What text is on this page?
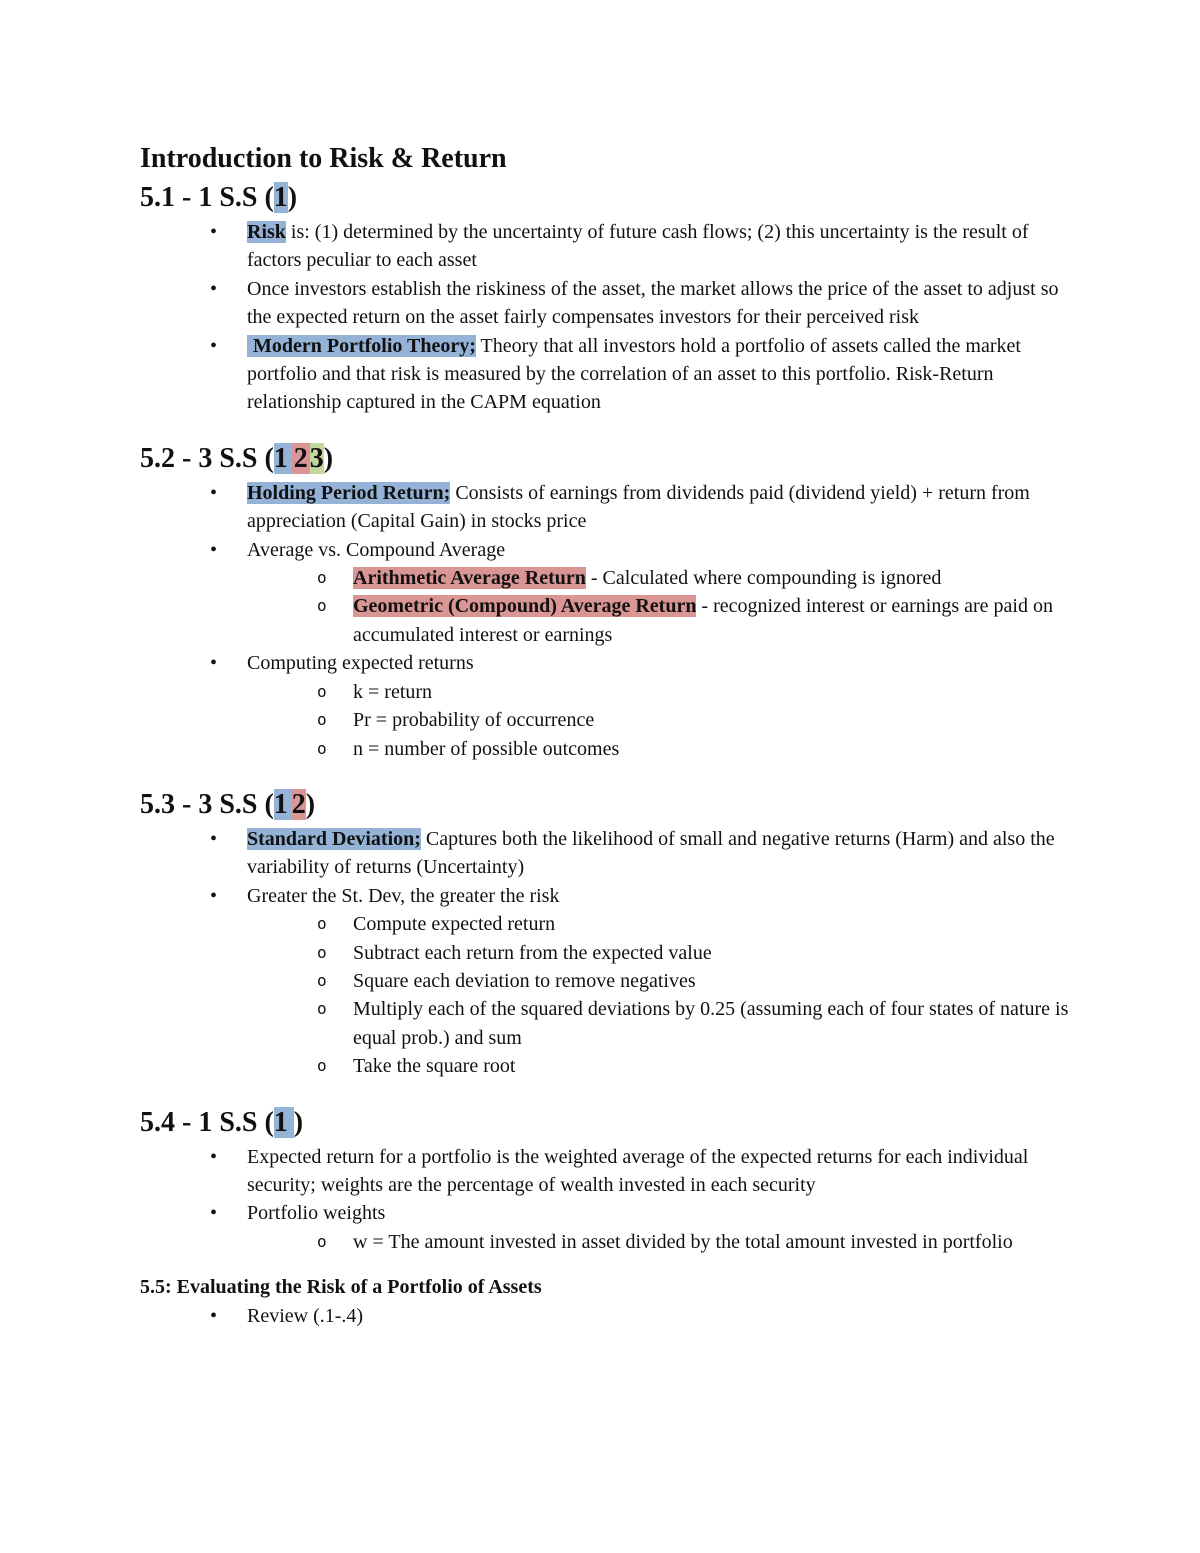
Introduction to Risk & Return
5.1 - 1 S.S (1)
• Risk is: (1) determined by the uncertainty of future cash flows; (2) this uncertainty is the result of factors peculiar to each asset
• Once investors establish the riskiness of the asset, the market allows the price of the asset to adjust so the expected return on the asset fairly compensates investors for their perceived risk
• Modern Portfolio Theory; Theory that all investors hold a portfolio of assets called the market portfolio and that risk is measured by the correlation of an asset to this portfolio. Risk-Return relationship captured in the CAPM equation
5.2 - 3 S.S (1 23)
• Holding Period Return; Consists of earnings from dividends paid (dividend yield) + return from appreciation (Capital Gain) in stocks price
• Average vs. Compound Average
o Arithmetic Average Return - Calculated where compounding is ignored
o Geometric (Compound) Average Return - recognized interest or earnings are paid on accumulated interest or earnings
• Computing expected returns
o k = return
o Pr = probability of occurrence
o n = number of possible outcomes
5.3 - 3 S.S (1 2)
• Standard Deviation; Captures both the likelihood of small and negative returns (Harm) and also the variability of returns (Uncertainty)
• Greater the St. Dev, the greater the risk
o Compute expected return
o Subtract each return from the expected value
o Square each deviation to remove negatives
o Multiply each of the squared deviations by 0.25 (assuming each of four states of nature is equal prob.) and sum
o Take the square root
5.4 - 1 S.S (1 )
• Expected return for a portfolio is the weighted average of the expected returns for each individual security; weights are the percentage of wealth invested in each security
• Portfolio weights
o w = The amount invested in asset divided by the total amount invested in portfolio
5.5: Evaluating the Risk of a Portfolio of Assets
• Review (.1-.4)
